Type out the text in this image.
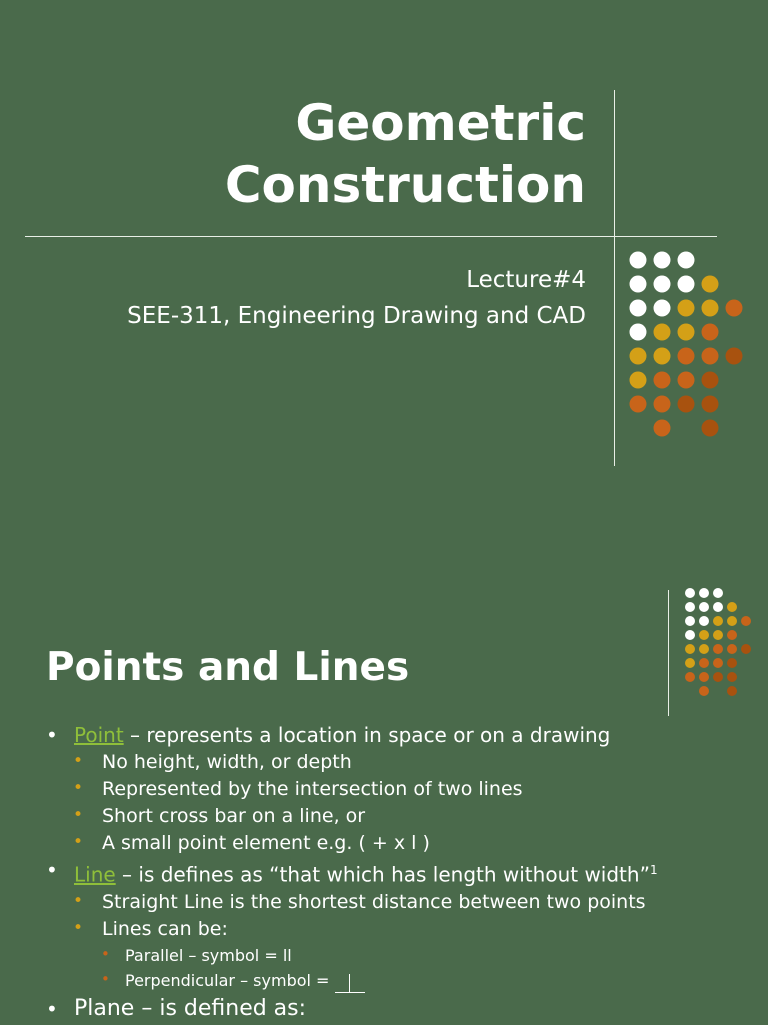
Geometric
Construction
Lecture#4
SEE-311, Engineering Drawing and CAD
Points and Lines
• Point – represents a location in space or on a drawing
• No height, width, or depth
• Represented by the intersection of two lines
• Short cross bar on a line, or
• A small point element e.g. ( + x l )
• Line – is defines as “that which has length without width”$^1$
• Straight Line is the shortest distance between two points
• Lines can be:
• Parallel – symbol = ll
• Perpendicular – symbol =
• Plane – is defined as:
